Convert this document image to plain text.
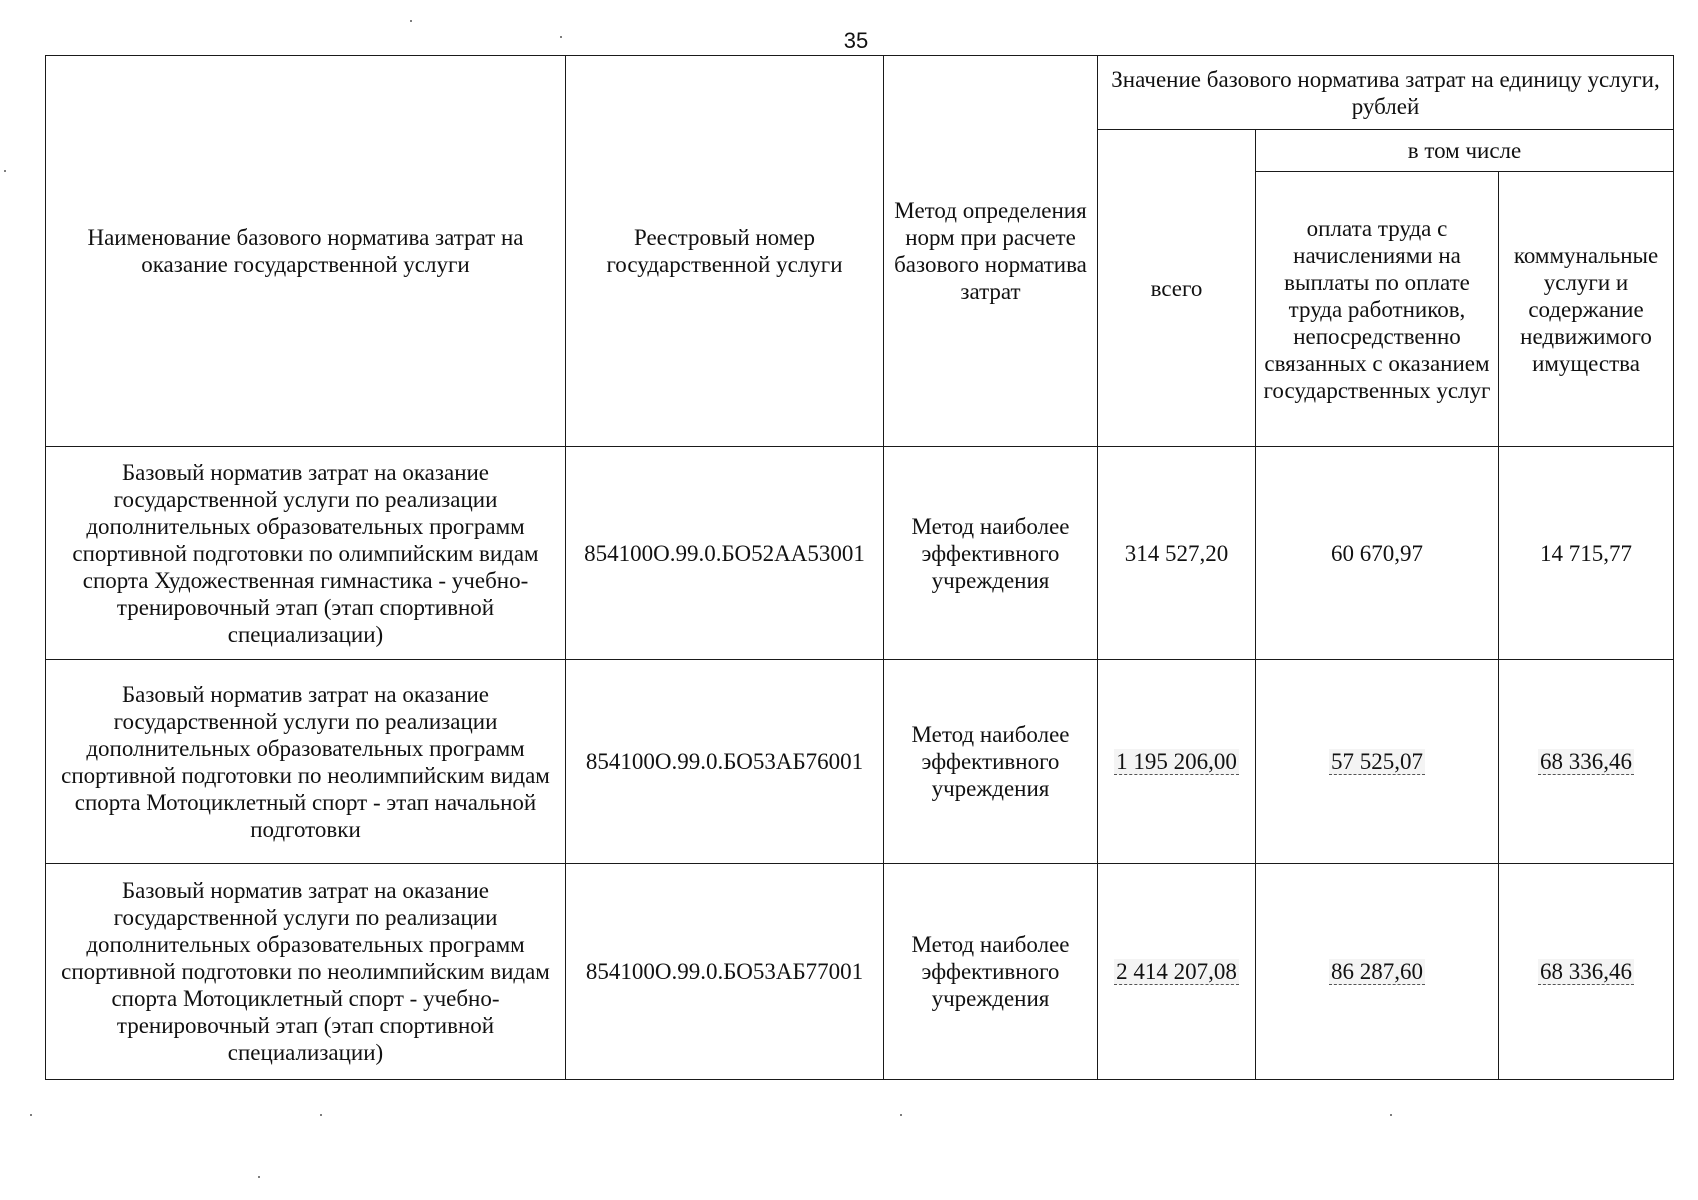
35
Наименование базового норматива затрат на оказание государственной услуги	Реестровый номер государственной услуги	Метод определения норм при расчете базового норматива затрат	Значение базового норматива затрат на единицу услуги, рублей		
			всего	в том числе	
				оплата труда с начислениями на выплаты по оплате труда работников, непосредственно связанных с оказанием государственных услуг	коммунальные услуги и содержание недвижимого имущества
Базовый норматив затрат на оказание государственной услуги по реализации дополнительных образовательных программ спортивной подготовки по олимпийским видам спорта Художественная гимнастика - учебно-тренировочный этап (этап спортивной специализации)	854100О.99.0.БО52АА53001	Метод наиболее эффективного учреждения	314 527,20	60 670,97	14 715,77
Базовый норматив затрат на оказание государственной услуги по реализации дополнительных образовательных программ спортивной подготовки по неолимпийским видам спорта Мотоциклетный спорт - этап начальной подготовки	854100О.99.0.БО53АБ76001	Метод наиболее эффективного учреждения	1 195 206,00	57 525,07	68 336,46
Базовый норматив затрат на оказание государственной услуги по реализации дополнительных образовательных программ спортивной подготовки по неолимпийским видам спорта Мотоциклетный спорт - учебно-тренировочный этап (этап спортивной специализации)	854100О.99.0.БО53АБ77001	Метод наиболее эффективного учреждения	2 414 207,08	86 287,60	68 336,46
